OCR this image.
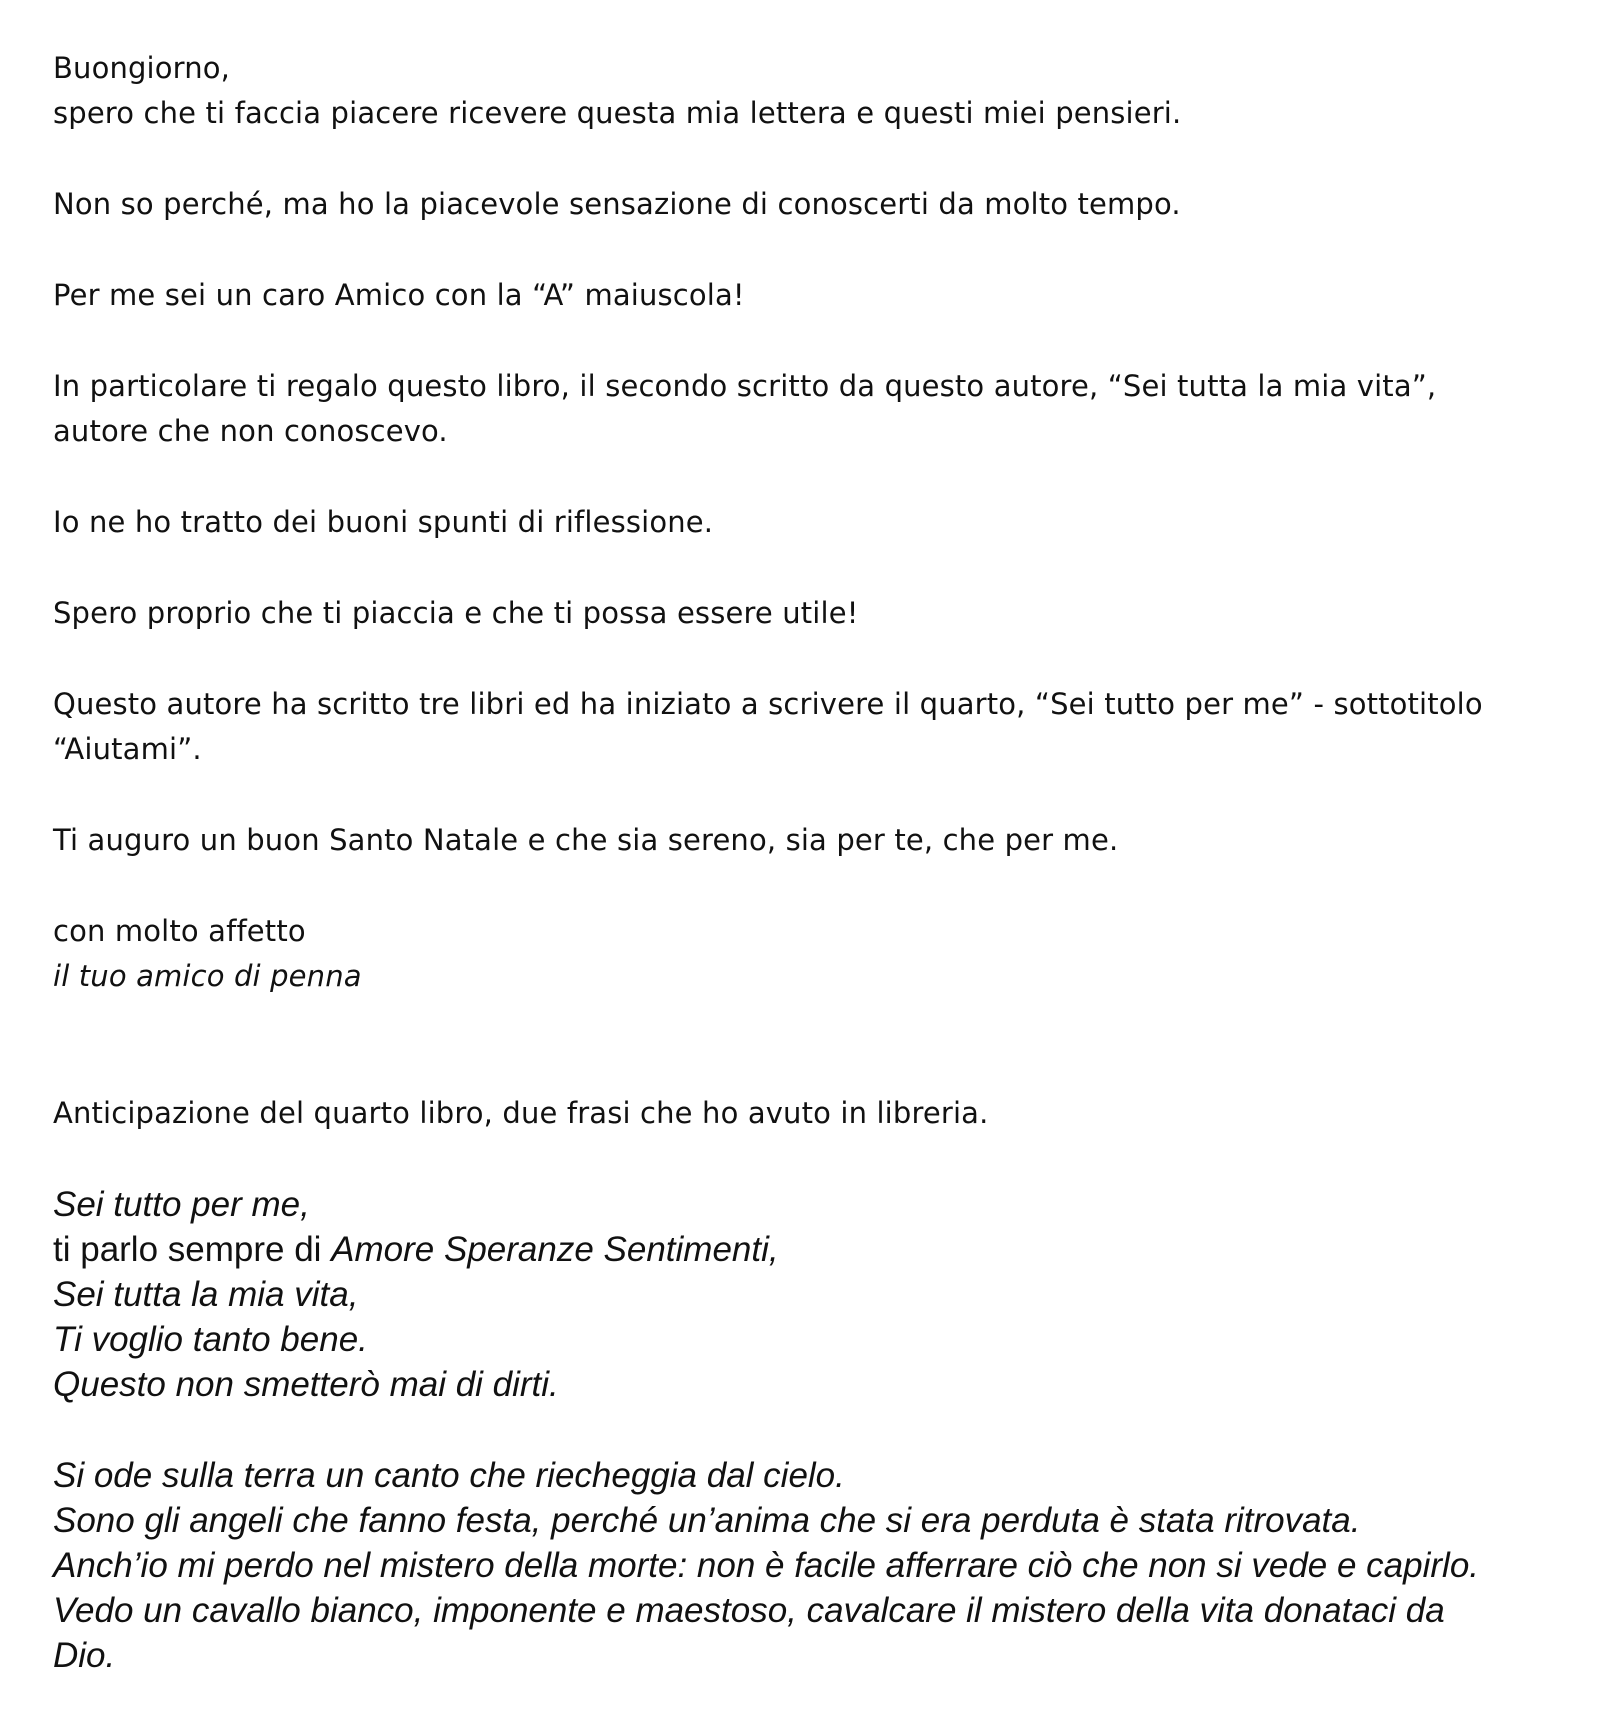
Buongiorno,
spero che ti faccia piacere ricevere questa mia lettera e questi miei pensieri.
Non so perché, ma ho la piacevole sensazione di conoscerti da molto tempo.
Per me sei un caro Amico con la “A” maiuscola!
In particolare ti regalo questo libro, il secondo scritto da questo autore, “Sei tutta la mia vita”,
autore che non conoscevo.
Io ne ho tratto dei buoni spunti di riflessione.
Spero proprio che ti piaccia e che ti possa essere utile!
Questo autore ha scritto tre libri ed ha iniziato a scrivere il quarto, “Sei tutto per me” - sottotitolo
“Aiutami”.
Ti auguro un buon Santo Natale e che sia sereno, sia per te, che per me.
con molto affetto
il tuo amico di penna
Anticipazione del quarto libro, due frasi che ho avuto in libreria.
Sei tutto per me,
ti parlo sempre di Amore Speranze Sentimenti,
Sei tutta la mia vita,
Ti voglio tanto bene.
Questo non smetterò mai di dirti.
Si ode sulla terra un canto che riecheggia dal cielo.
Sono gli angeli che fanno festa, perché un’anima che si era perduta è stata ritrovata.
Anch’io mi perdo nel mistero della morte: non è facile afferrare ciò che non si vede e capirlo.
Vedo un cavallo bianco, imponente e maestoso, cavalcare il mistero della vita donataci da
Dio.
